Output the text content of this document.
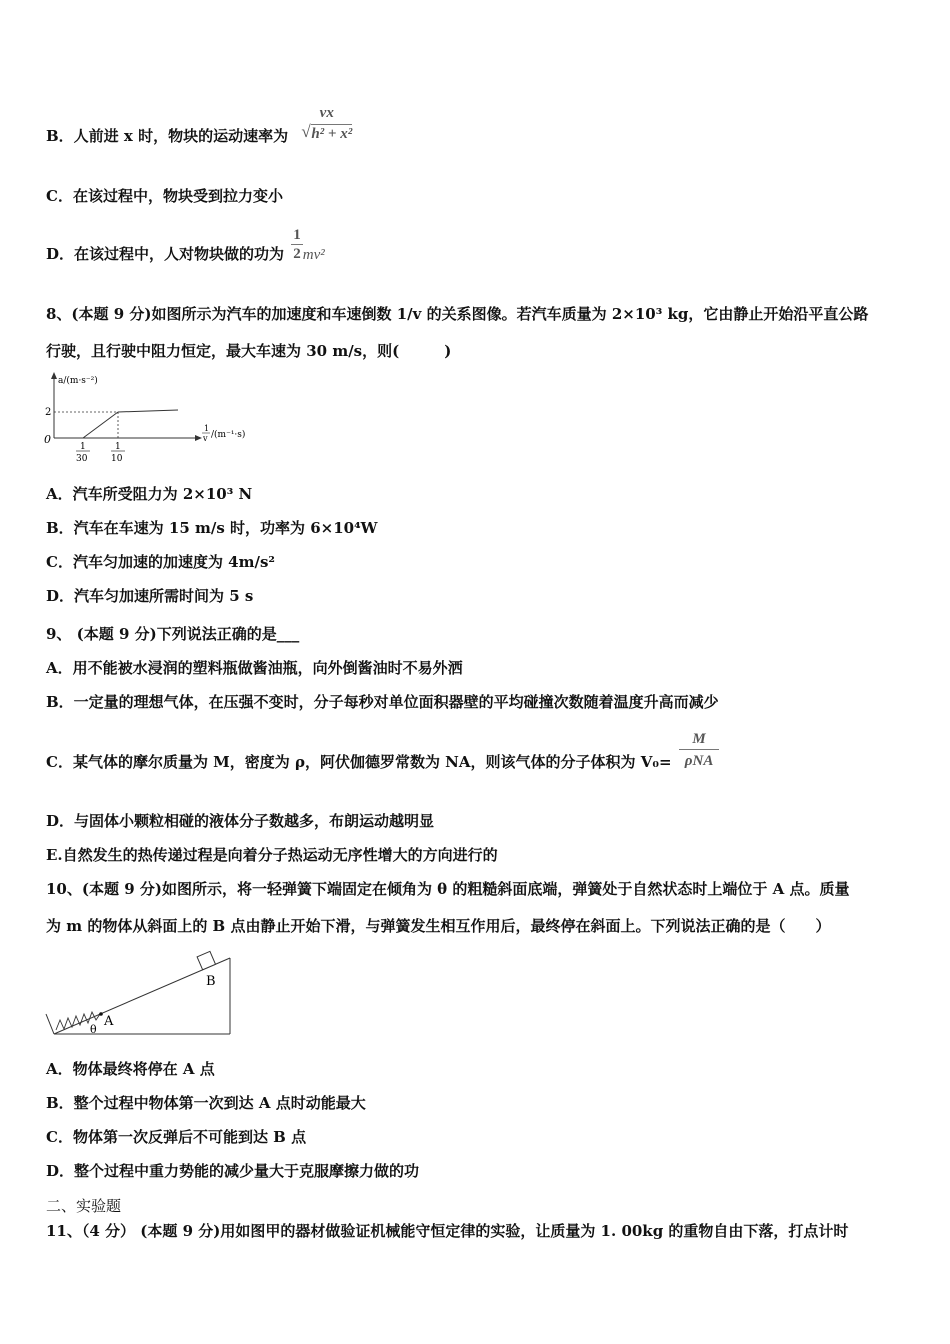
B．人前进 x 时，物块的运动速率为
vx
√ h² + x²
C．在该过程中，物块受到拉力变小
D．在该过程中，人对物块做的功为 $\frac{1}{2} mv^2$
8、(本题 9 分)如图所示为汽车的加速度和车速倒数 1/v 的关系图像。若汽车质量为 2×10³ kg，它由静止开始沿平直公路
行驶，且行驶中阻力恒定，最大车速为 30 m/s，则(　　　)
a/(m·s⁻²)
2
0
1
30
1
10
1
v /(m⁻¹·s)
A．汽车所受阻力为 2×10³ N
B．汽车在车速为 15 m/s 时，功率为 6×10⁴W
C．汽车匀加速的加速度为 4m/s²
D．汽车匀加速所需时间为 5 s
9、 (本题 9 分)下列说法正确的是___
A．用不能被水浸润的塑料瓶做酱油瓶，向外倒酱油时不易外洒
B．一定量的理想气体，在压强不变时，分子每秒对单位面积器壁的平均碰撞次数随着温度升高而减少
C．某气体的摩尔质量为 M，密度为 ρ，阿伏伽德罗常数为 NA，则该气体的分子体积为 $V_0= \frac{M}{\text{ρNA}}$
D．与固体小颗粒相碰的液体分子数越多，布朗运动越明显
E.自然发生的热传递过程是向着分子热运动无序性增大的方向进行的
10、(本题 9 分)如图所示，将一轻弹簧下端固定在倾角为 θ 的粗糙斜面底端，弹簧处于自然状态时上端位于 A 点。质量
为 m 的物体从斜面上的 B 点由静止开始下滑，与弹簧发生相互作用后，最终停在斜面上。下列说法正确的是（　　）
A
B
θ
A．物体最终将停在 A 点
B．整个过程中物体第一次到达 A 点时动能最大
C．物体第一次反弹后不可能到达 B 点
D．整个过程中重力势能的减少量大于克服摩擦力做的功
二、实验题
11、（4 分） (本题 9 分)用如图甲的器材做验证机械能守恒定律的实验，让质量为 1. 00kg 的重物自由下落，打点计时
